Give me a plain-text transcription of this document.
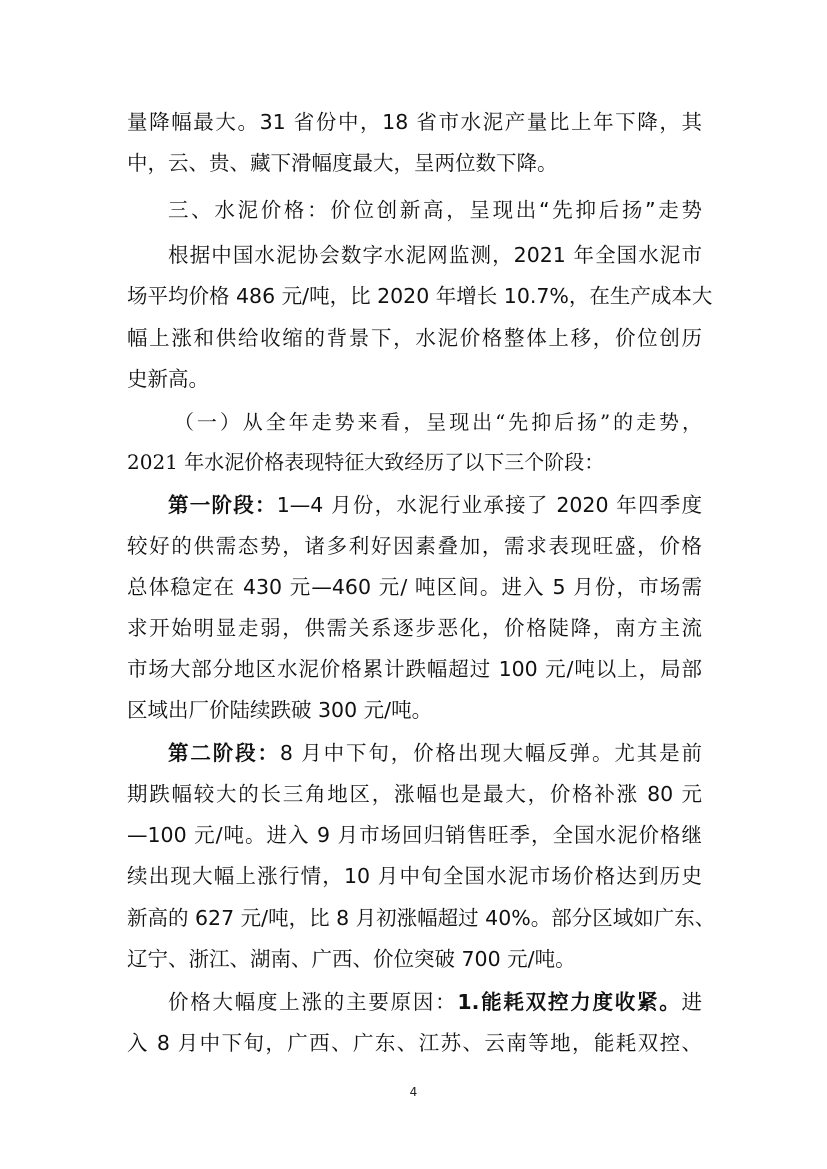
量降幅最大。31 省份中，18 省市水泥产量比上年下降，其
中，云、贵、藏下滑幅度最大，呈两位数下降。
三、水泥价格：价位创新高，呈现出“先抑后扬”走势
根据中国水泥协会数字水泥网监测，2021 年全国水泥市
场平均价格 486 元/吨，比 2020 年增长 10.7%，在生产成本大
幅上涨和供给收缩的背景下，水泥价格整体上移，价位创历
史新高。
（一）从全年走势来看，呈现出“先抑后扬”的走势，
2021 年水泥价格表现特征大致经历了以下三个阶段：
第一阶段：1—4 月份，水泥行业承接了 2020 年四季度
较好的供需态势，诸多利好因素叠加，需求表现旺盛，价格
总体稳定在 430 元—460 元/ 吨区间。进入 5 月份，市场需
求开始明显走弱，供需关系逐步恶化，价格陡降，南方主流
市场大部分地区水泥价格累计跌幅超过 100 元/吨以上，局部
区域出厂价陆续跌破 300 元/吨。
第二阶段：8 月中下旬，价格出现大幅反弹。尤其是前
期跌幅较大的长三角地区，涨幅也是最大，价格补涨 80 元
—100 元/吨。进入 9 月市场回归销售旺季，全国水泥价格继
续出现大幅上涨行情，10 月中旬全国水泥市场价格达到历史
新高的 627 元/吨，比 8 月初涨幅超过 40%。部分区域如广东、
辽宁、浙江、湖南、广西、价位突破 700 元/吨。
价格大幅度上涨的主要原因：1.能耗双控力度收紧。进
入 8 月中下旬，广西、广东、江苏、云南等地，能耗双控、
4
